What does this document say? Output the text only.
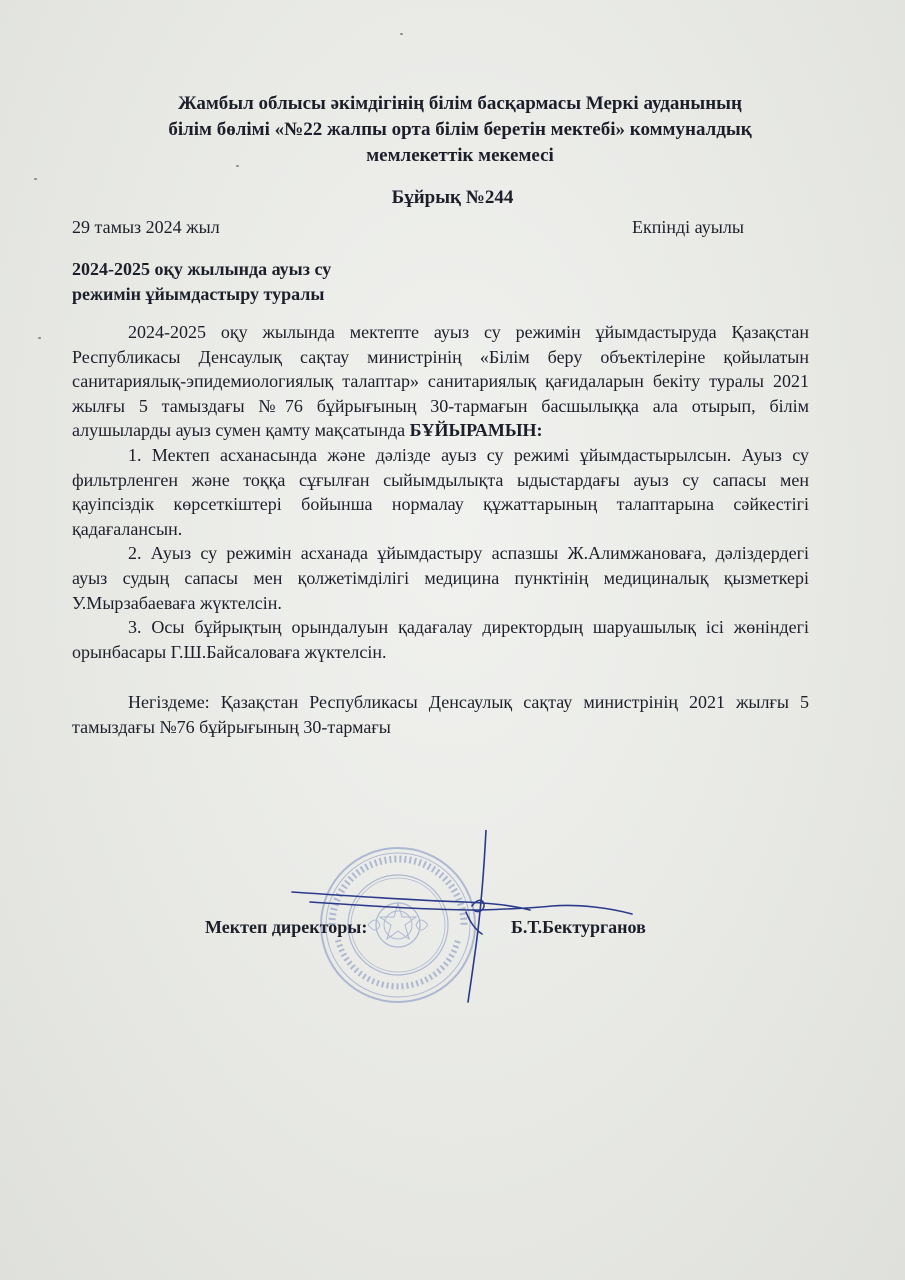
Жамбыл облысы әкімдігінің білім басқармасы Меркі ауданының
білім бөлімі «№22 жалпы орта білім беретін мектебі» коммуналдық
мемлекеттік мекемесі
Бұйрық №244
29 тамыз 2024 жыл	Екпінді ауылы
2024-2025 оқу жылында ауыз су
режимін ұйымдастыру туралы

2024-2025 оқу жылында мектепте ауыз су режимін ұйымдастыруда Қазақстан Республикасы Денсаулық сақтау министрінің «Білім беру объектілеріне қойылатын санитариялық-эпидемиологиялық талаптар» санитариялық қағидаларын бекіту туралы 2021 жылғы 5 тамыздағы №76 бұйрығының 30-тармағын басшылыққа ала отырып, білім алушыларды ауыз сумен қамту мақсатында БҰЙЫРАМЫН:

1. Мектеп асханасында және дәлізде ауыз су режимі ұйымдастырылсын. Ауыз су фильтрленген және тоққа сұғылған сыйымдылықта ыдыстардағы ауыз су сапасы мен қауіпсіздік көрсеткіштері бойынша нормалау құжаттарының талаптарына сәйкестігі қадағалансын.

2. Ауыз су режимін асханада ұйымдастыру аспазшы Ж.Алимжановаға, дәліздердегі ауыз судың сапасы мен қолжетімділігі медицина пунктінің медициналық қызметкері У.Мырзабаеваға жүктелсін.

3. Осы бұйрықтың орындалуын қадағалау директордың шаруашылық ісі жөніндегі орынбасары Г.Ш.Байсаловаға жүктелсін.

Негіздеме: Қазақстан Республикасы Денсаулық сақтау министрінің 2021 жылғы 5 тамыздағы №76 бұйрығының 30-тармағы

Мектеп директоры:	Б.Т.Бектурганов
